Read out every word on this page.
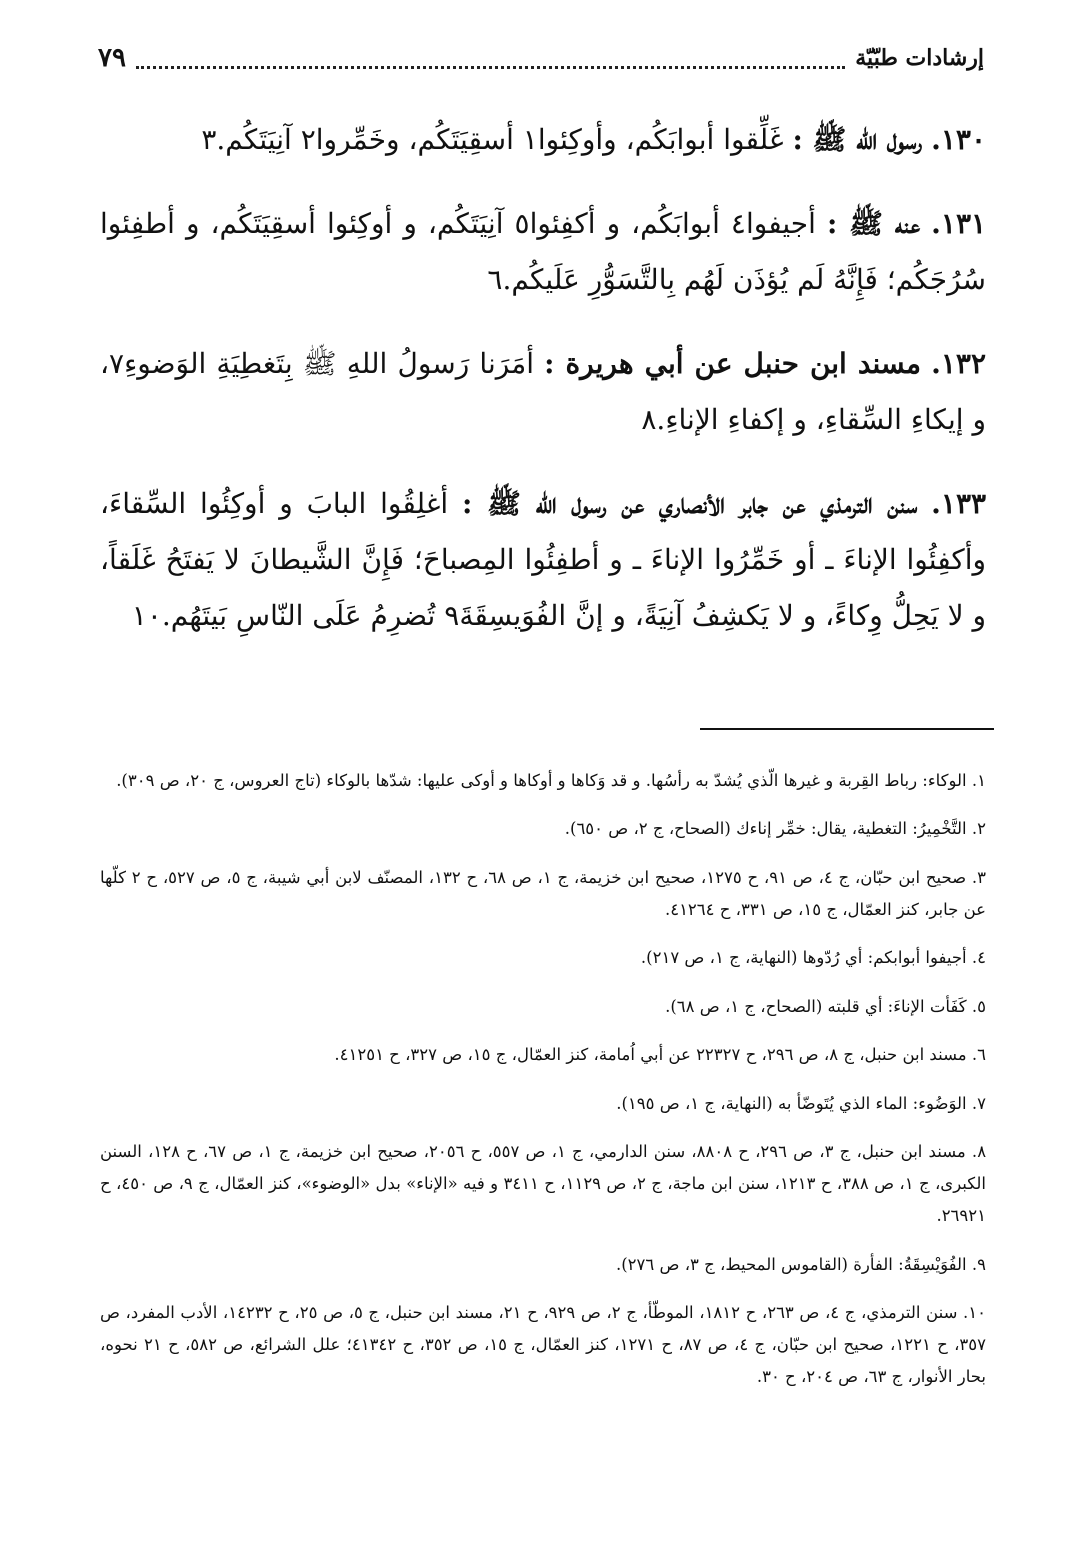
إرشادات طبّيّة
٧٩

١٣٠. رسول الله ﷺ : غَلِّقوا أبوابَكُم، وأوكِئوا١ أسقِيَتَكُم، وخَمِّروا٢ آنِيَتَكُم.٣

١٣١. عنه ﷺ : أجيفوا٤ أبوابَكُم، و أكفِئوا٥ آنِيَتَكُم، و أوكِئوا أسقِيَتَكُم، و أطفِئوا سُرُجَكُم؛ فَإِنَّهُ لَم يُؤذَن لَهُم بِالتَّسَوُّرِ عَلَيكُم.٦

١٣٢. مسند ابن حنبل عن أبي هريرة : أمَرَنا رَسولُ اللهِ ﷺ بِتَغطِيَةِ الوَضوءِ٧، و إيكاءِ السِّقاءِ، و إكفاءِ الإناءِ.٨

١٣٣. سنن الترمذي عن جابر الأنصاري عن رسول الله ﷺ : أغلِقُوا البابَ و أوكِئُوا السِّقاءَ، وأكفِئُوا الإناءَ ـ أو خَمِّرُوا الإناءَ ـ و أطفِئُوا المِصباحَ؛ فَإِنَّ الشَّيطانَ لا يَفتَحُ غَلَقاً، و لا يَحِلُّ وِكاءً، و لا يَكشِفُ آنِيَةً، و إنَّ الفُوَيسِقَةَ٩ تُضرِمُ عَلَى النّاسِ بَيتَهُم.١٠

١. الوكاء: رباط القِربة و غيرها الّذي يُشدّ به رأسُها. و قد وَكاها و أوكاها و أوكى عليها: شدّها بالوكاء (تاج العروس، ج ٢٠، ص ٣٠٩).

٢. التَّخْمِيرُ: التغطية، يقال: خمِّر إناءك (الصحاح، ج ٢، ص ٦٥٠).

٣. صحيح ابن حبّان، ج ٤، ص ٩١، ح ١٢٧٥، صحيح ابن خزيمة، ج ١، ص ٦٨، ح ١٣٢، المصنّف لابن أبي شيبة، ج ٥، ص ٥٢٧، ح ٢ كلّها عن جابر، كنز العمّال، ج ١٥، ص ٣٣١، ح ٤١٢٦٤.

٤. أجيفوا أبوابكم: أي رُدّوها (النهاية، ج ١، ص ٢١٧).

٥. كَفَأت الإناءَ: أي قلبته (الصحاح، ج ١، ص ٦٨).

٦. مسند ابن حنبل، ج ٨، ص ٢٩٦، ح ٢٢٣٢٧ عن أبي اُمامة، كنز العمّال، ج ١٥، ص ٣٢٧، ح ٤١٢٥١.

٧. الوَضُوء: الماء الذي يُتَوضّأ به (النهاية، ج ١، ص ١٩٥).

٨. مسند ابن حنبل، ج ٣، ص ٢٩٦، ح ٨٨٠٨، سنن الدارمي، ج ١، ص ٥٥٧، ح ٢٠٥٦، صحيح ابن خزيمة، ج ١، ص ٦٧، ح ١٢٨، السنن الكبرى، ج ١، ص ٣٨٨، ح ١٢١٣، سنن ابن ماجة، ج ٢، ص ١١٢٩، ح ٣٤١١ و فيه «الإناء» بدل «الوضوء»، كنز العمّال، ج ٩، ص ٤٥٠، ح ٢٦٩٢١.

٩. الفُوَيْسِقَةُ: الفأرة (القاموس المحيط، ج ٣، ص ٢٧٦).

١٠. سنن الترمذي، ج ٤، ص ٢٦٣، ح ١٨١٢، الموطّأ، ج ٢، ص ٩٢٩، ح ٢١، مسند ابن حنبل، ج ٥، ص ٢٥، ح ١٤٢٣٢، الأدب المفرد، ص ٣٥٧، ح ١٢٢١، صحيح ابن حبّان، ج ٤، ص ٨٧، ح ١٢٧١، كنز العمّال، ج ١٥، ص ٣٥٢، ح ٤١٣٤٢؛ علل الشرائع، ص ٥٨٢، ح ٢١ نحوه، بحار الأنوار، ج ٦٣، ص ٢٠٤، ح ٣٠.
